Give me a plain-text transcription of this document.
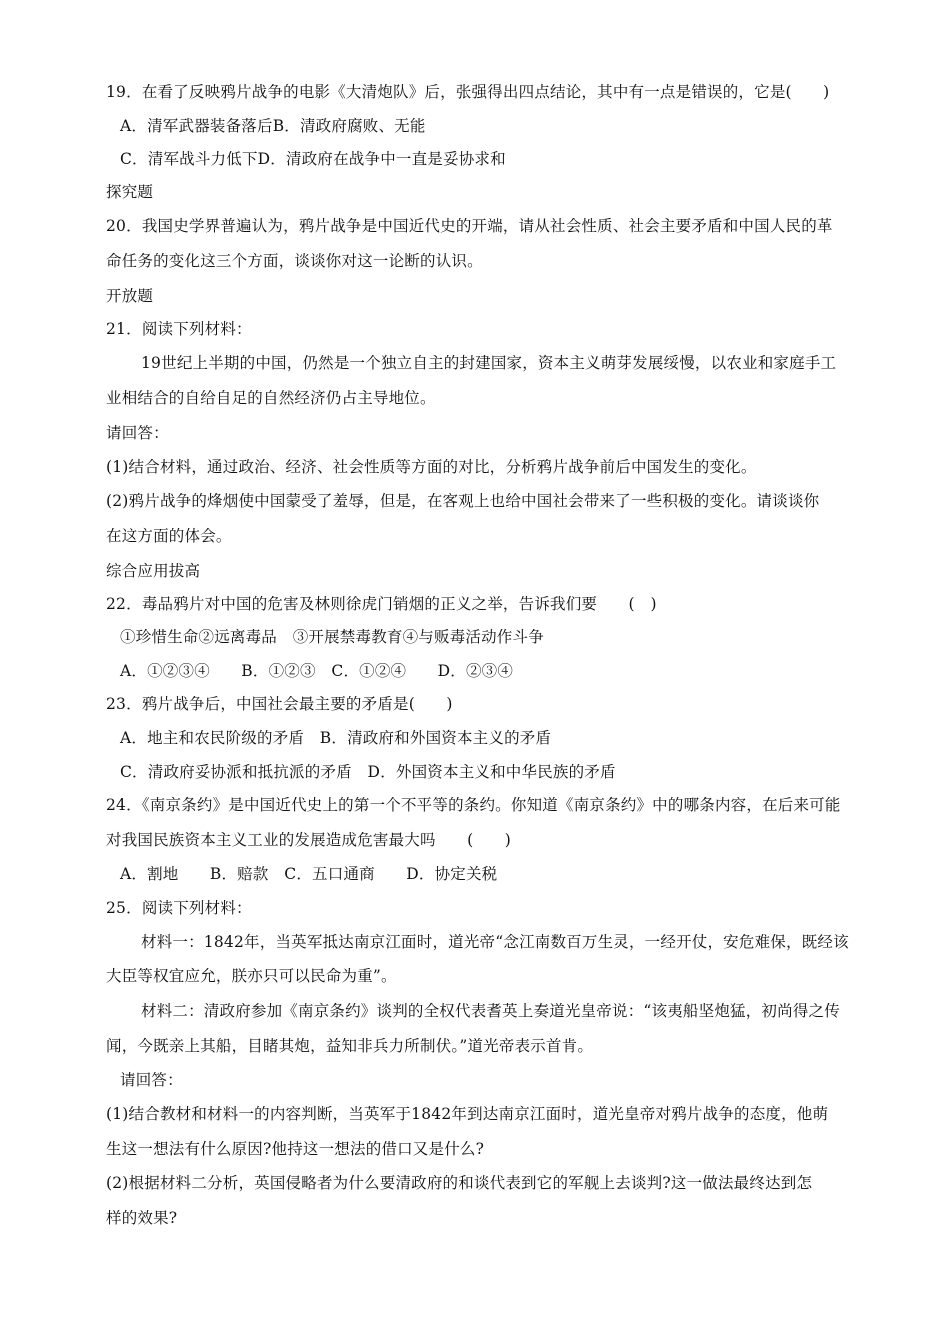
19．在看了反映鸦片战争的电影《大清炮队》后，张强得出四点结论，其中有一点是错误的，它是(　　)
A．清军武器装备落后B．清政府腐败、无能
C．清军战斗力低下D．清政府在战争中一直是妥协求和
探究题
20．我国史学界普遍认为，鸦片战争是中国近代史的开端，请从社会性质、社会主要矛盾和中国人民的革
命任务的变化这三个方面，谈谈你对这一论断的认识。
开放题
21．阅读下列材料：
19世纪上半期的中国，仍然是一个独立自主的封建国家，资本主义萌芽发展绥慢，以农业和家庭手工
业相结合的自给自足的自然经济仍占主导地位。
请回答：
(1)结合材料，通过政治、经济、社会性质等方面的对比，分析鸦片战争前后中国发生的变化。
(2)鸦片战争的烽烟使中国蒙受了羞辱，但是，在客观上也给中国社会带来了一些积极的变化。请谈谈你
在这方面的体会。
综合应用拔高
22．毒品鸦片对中国的危害及林则徐虎门销烟的正义之举，告诉我们要　　(　)
①珍惜生命②远离毒品　③开展禁毒教育④与贩毒活动作斗争
A．①②③④　　B．①②③　C．①②④　　D．②③④
23．鸦片战争后，中国社会最主要的矛盾是(　　)
A．地主和农民阶级的矛盾　B．清政府和外国资本主义的矛盾
C．清政府妥协派和抵抗派的矛盾　D．外国资本主义和中华民族的矛盾
24．《南京条约》是中国近代史上的第一个不平等的条约。你知道《南京条约》中的哪条内容，在后来可能
对我国民族资本主义工业的发展造成危害最大吗　　(　　)
A．割地　　B．赔款　C．五口通商　　D．协定关税
25．阅读下列材料：
材料一：1842年，当英军抵达南京江面时，道光帝“念江南数百万生灵，一经开仗，安危难保，既经该
大臣等权宜应允，朕亦只可以民命为重”。
材料二：清政府参加《南京条约》谈判的全权代表耆英上奏道光皇帝说：“该夷船坚炮猛，初尚得之传
闻，今既亲上其船，目睹其炮，益知非兵力所制伏。”道光帝表示首肯。
请回答：
(1)结合教材和材料一的内容判断，当英军于1842年到达南京江面时，道光皇帝对鸦片战争的态度，他萌
生这一想法有什么原因?他持这一想法的借口又是什么?
(2)根据材料二分析，英国侵略者为什么要清政府的和谈代表到它的军舰上去谈判?这一做法最终达到怎
样的效果?
